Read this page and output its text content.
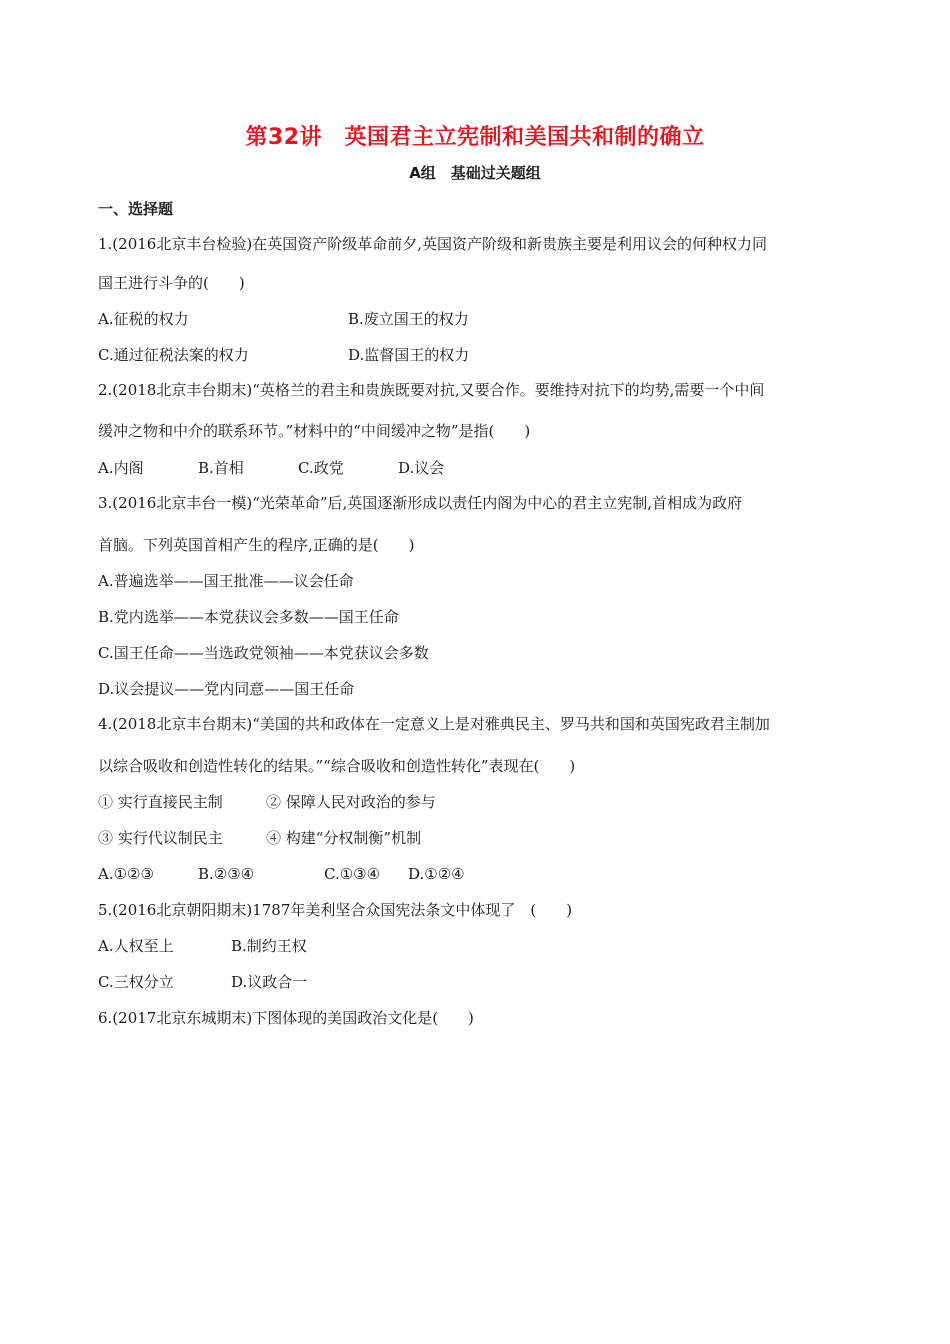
第32讲　英国君主立宪制和美国共和制的确立
A组　基础过关题组
一、选择题
1.(2016北京丰台检验)在英国资产阶级革命前夕,英国资产阶级和新贵族主要是利用议会的何种权力同
国王进行斗争的(　　)
A.征税的权力	B.废立国王的权力
C.通过征税法案的权力	D.监督国王的权力
2.(2018北京丰台期末)“英格兰的君主和贵族既要对抗,又要合作。要维持对抗下的均势,需要一个中间
缓冲之物和中介的联系环节。”材料中的“中间缓冲之物”是指(　　)
A.内阁	B.首相	C.政党	D.议会
3.(2016北京丰台一模)“光荣革命”后,英国逐渐形成以责任内阁为中心的君主立宪制,首相成为政府
首脑。下列英国首相产生的程序,正确的是(　　)
A.普遍选举——国王批准——议会任命
B.党内选举——本党获议会多数——国王任命
C.国王任命——当选政党领袖——本党获议会多数
D.议会提议——党内同意——国王任命
4.(2018北京丰台期末)“美国的共和政体在一定意义上是对雅典民主、罗马共和国和英国宪政君主制加
以综合吸收和创造性转化的结果。”“综合吸收和创造性转化”表现在(　　)
① 实行直接民主制	② 保障人民对政治的参与
③ 实行代议制民主	④ 构建“分权制衡”机制
A.①②③	B.②③④	C.①③④ D.①②④
5.(2016北京朝阳期末)1787年美利坚合众国宪法条文中体现了　(　　)
A.人权至上	B.制约王权
C.三权分立	D.议政合一
6.(2017北京东城期末)下图体现的美国政治文化是(　　)
